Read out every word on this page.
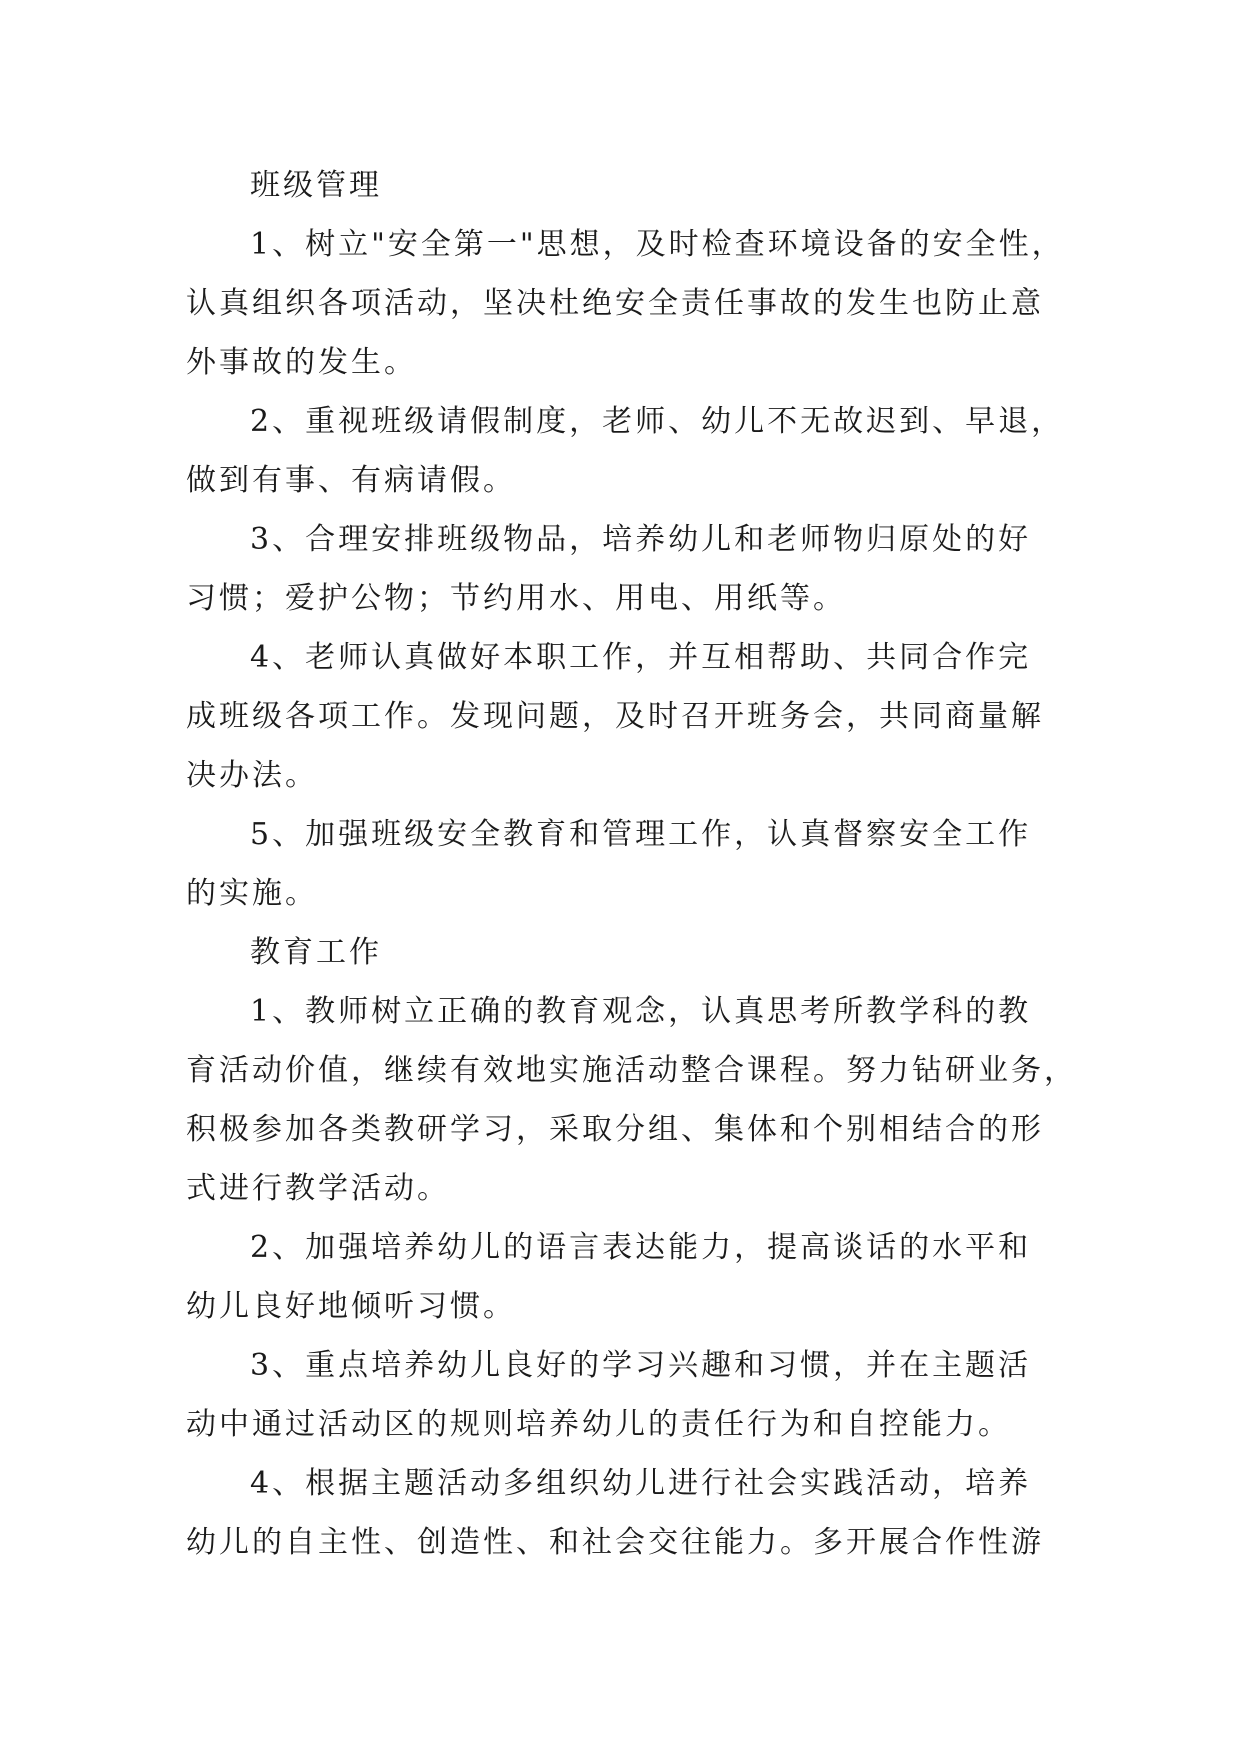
班级管理

1、树立"安全第一"思想，及时检查环境设备的安全性，
认真组织各项活动，坚决杜绝安全责任事故的发生也防止意
外事故的发生。

2、重视班级请假制度，老师、幼儿不无故迟到、早退，
做到有事、有病请假。

3、合理安排班级物品，培养幼儿和老师物归原处的好
习惯；爱护公物；节约用水、用电、用纸等。

4、老师认真做好本职工作，并互相帮助、共同合作完
成班级各项工作。发现问题，及时召开班务会，共同商量解
决办法。

5、加强班级安全教育和管理工作，认真督察安全工作
的实施。

教育工作

1、教师树立正确的教育观念，认真思考所教学科的教
育活动价值，继续有效地实施活动整合课程。努力钻研业务，
积极参加各类教研学习，采取分组、集体和个别相结合的形
式进行教学活动。

2、加强培养幼儿的语言表达能力，提高谈话的水平和
幼儿良好地倾听习惯。

3、重点培养幼儿良好的学习兴趣和习惯，并在主题活
动中通过活动区的规则培养幼儿的责任行为和自控能力。

4、根据主题活动多组织幼儿进行社会实践活动，培养
幼儿的自主性、创造性、和社会交往能力。多开展合作性游
